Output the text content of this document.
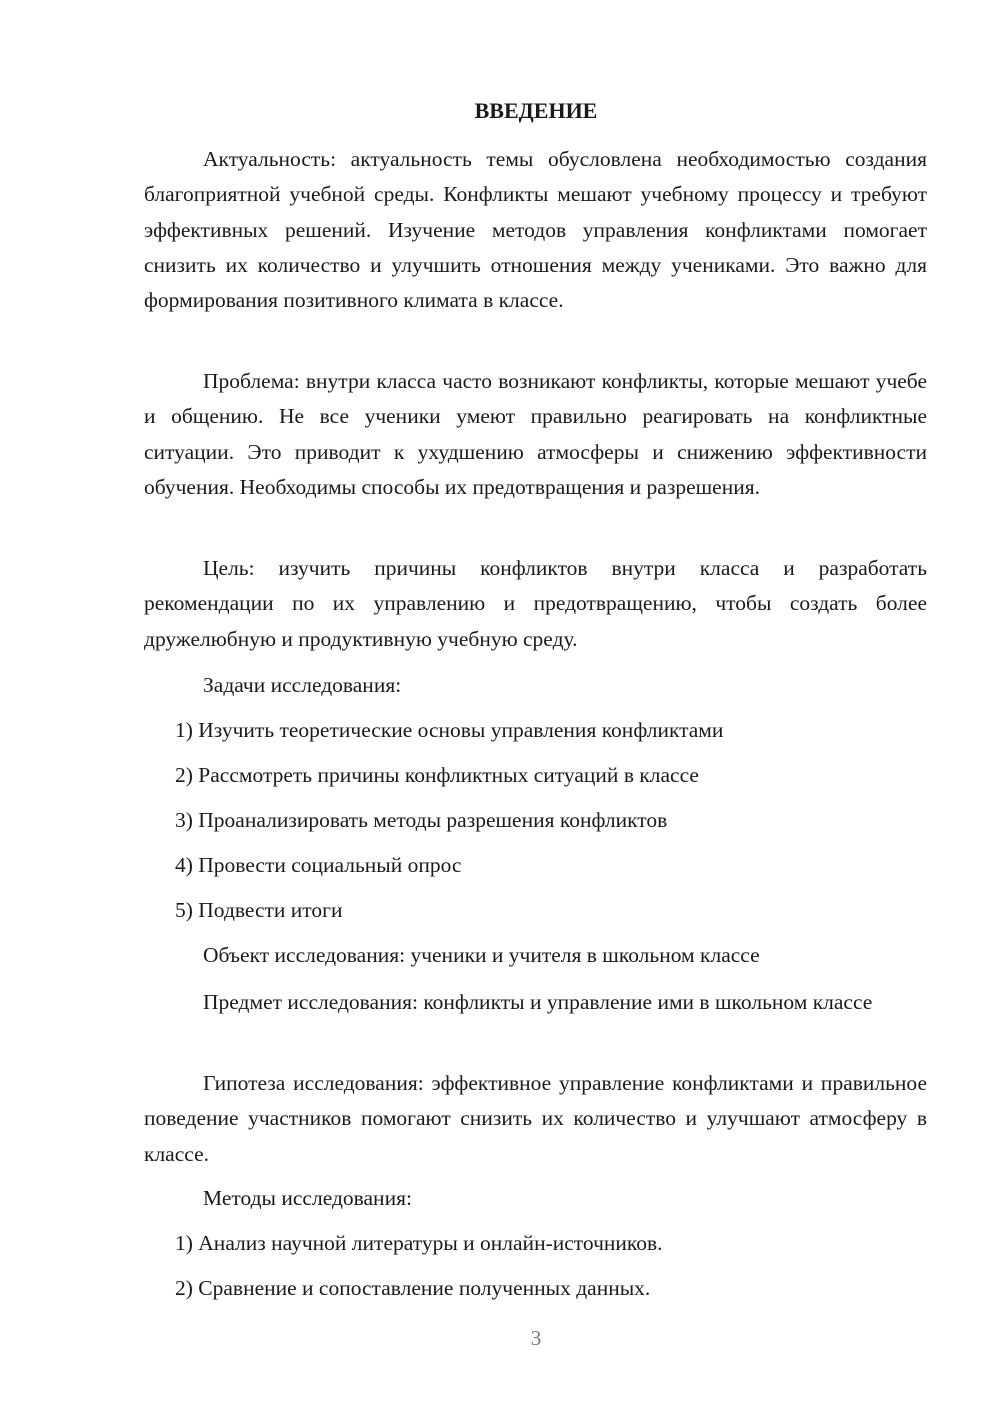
ВВЕДЕНИЕ

Актуальность: актуальность темы обусловлена необходимостью создания благоприятной учебной среды. Конфликты мешают учебному процессу и требуют эффективных решений. Изучение методов управления конфликтами помогает снизить их количество и улучшить отношения между учениками. Это важно для формирования позитивного климата в классе.

Проблема: внутри класса часто возникают конфликты, которые мешают учебе и общению. Не все ученики умеют правильно реагировать на конфликтные ситуации. Это приводит к ухудшению атмосферы и снижению эффективности обучения. Необходимы способы их предотвращения и разрешения.

Цель: изучить причины конфликтов внутри класса и разработать рекомендации по их управлению и предотвращению, чтобы создать более дружелюбную и продуктивную учебную среду.

Задачи исследования:

1) Изучить теоретические основы управления конфликтами

2) Рассмотреть причины конфликтных ситуаций в классе

3) Проанализировать методы разрешения конфликтов

4) Провести социальный опрос

5) Подвести итоги

Объект исследования: ученики и учителя в школьном классе

Предмет исследования: конфликты и управление ими в школьном классе

Гипотеза исследования: эффективное управление конфликтами и правильное поведение участников помогают снизить их количество и улучшают атмосферу в классе.

Методы исследования:

1) Анализ научной литературы и онлайн-источников.

2) Сравнение и сопоставление полученных данных.

3
